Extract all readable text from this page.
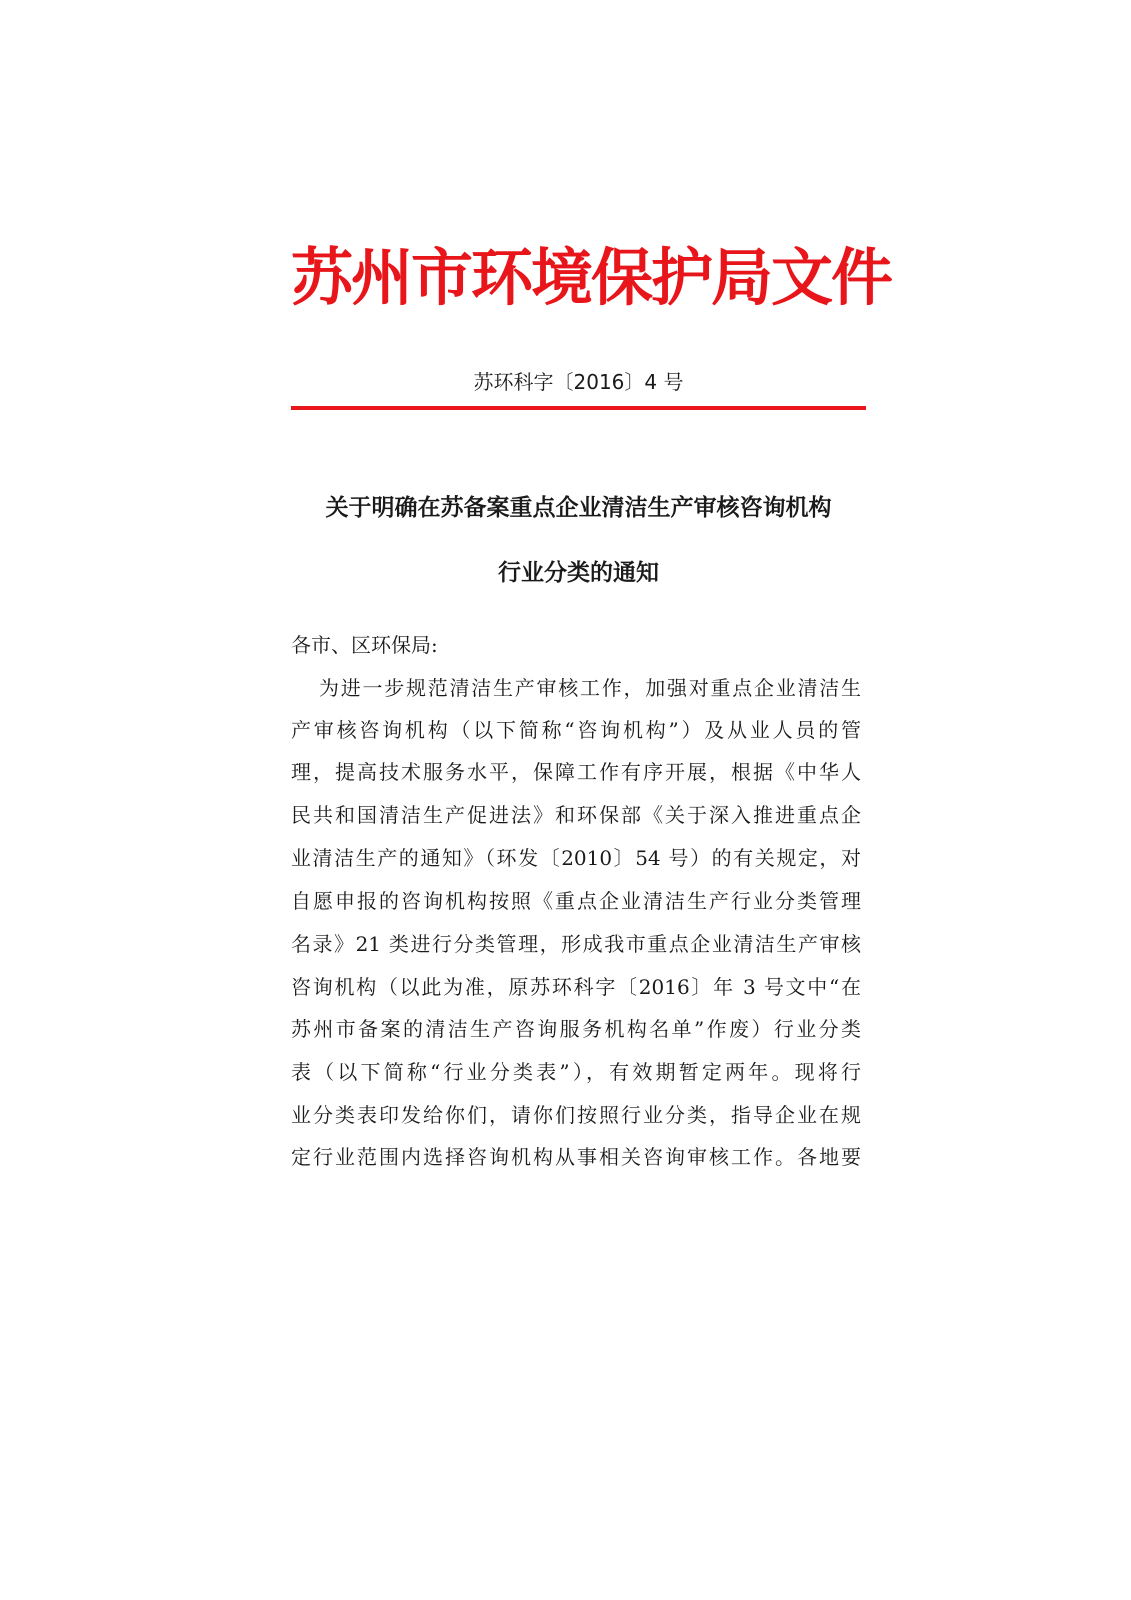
苏州市环境保护局文件
苏环科字〔2016〕4 号
关于明确在苏备案重点企业清洁生产审核咨询机构
行业分类的通知
各市、区环保局:
为进一步规范清洁生产审核工作，加强对重点企业清洁生
产审核咨询机构（以下简称“咨询机构”）及从业人员的管
理，提高技术服务水平，保障工作有序开展，根据《中华人
民共和国清洁生产促进法》和环保部《关于深入推进重点企
业清洁生产的通知》（环发〔2010〕54 号）的有关规定，对
自愿申报的咨询机构按照《重点企业清洁生产行业分类管理
名录》21 类进行分类管理，形成我市重点企业清洁生产审核
咨询机构（以此为准，原苏环科字〔2016〕年 3 号文中“在
苏州市备案的清洁生产咨询服务机构名单”作废）行业分类
表（以下简称“行业分类表”），有效期暂定两年。现将行
业分类表印发给你们，请你们按照行业分类，指导企业在规
定行业范围内选择咨询机构从事相关咨询审核工作。各地要
